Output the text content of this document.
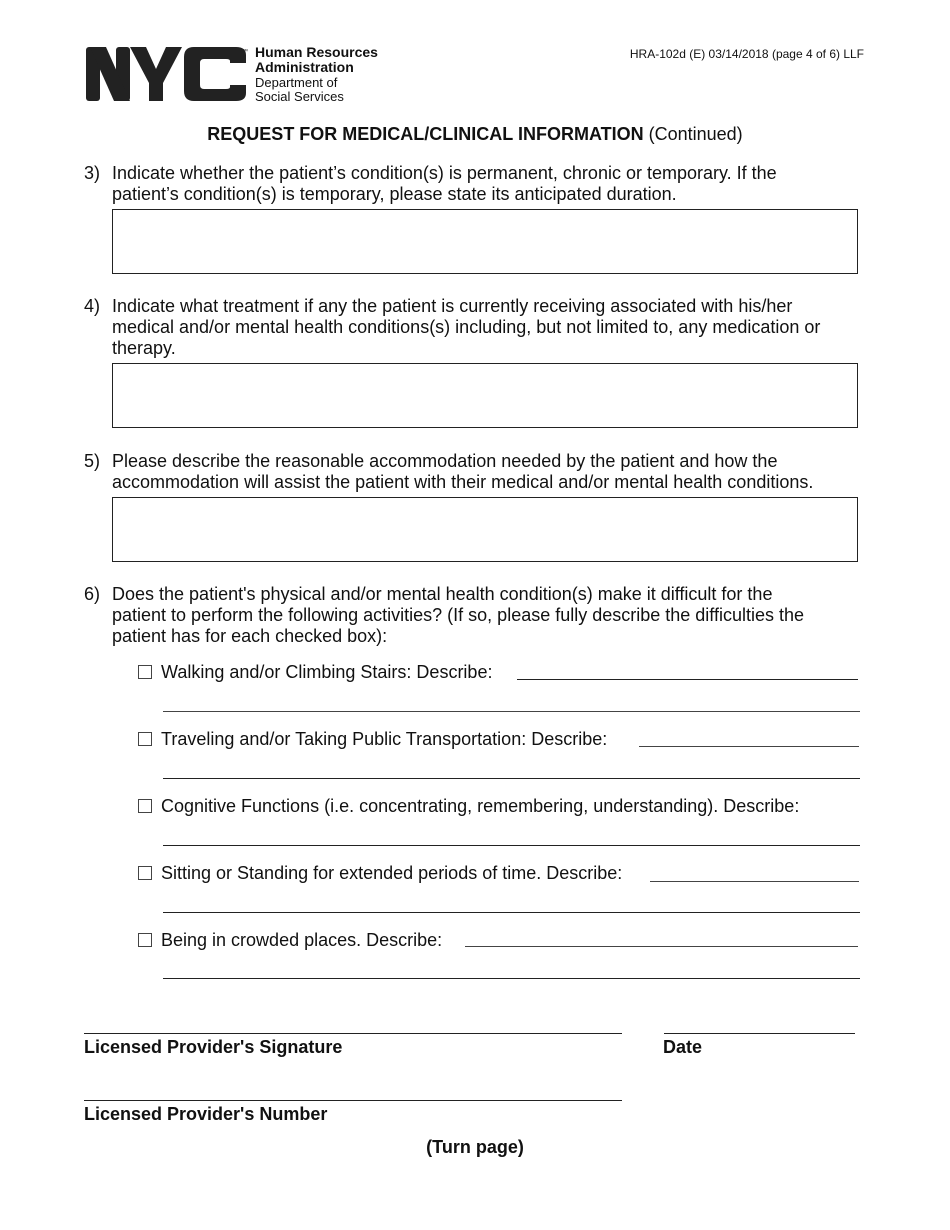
™ Human Resources
Administration
Department of
Social Services
HRA-102d (E) 03/14/2018 (page 4 of 6) LLF
REQUEST FOR MEDICAL/CLINICAL INFORMATION (Continued)
3) Indicate whether the patient’s condition(s) is permanent, chronic or temporary. If the
patient’s condition(s) is temporary, please state its anticipated duration.
4) Indicate what treatment if any the patient is currently receiving associated with his/her
medical and/or mental health conditions(s) including, but not limited to, any medication or
therapy.
5) Please describe the reasonable accommodation needed by the patient and how the
accommodation will assist the patient with their medical and/or mental health conditions.
6) Does the patient's physical and/or mental health condition(s) make it difficult for the
patient to perform the following activities? (If so, please fully describe the difficulties the
patient has for each checked box):
Walking and/or Climbing Stairs: Describe:
Traveling and/or Taking Public Transportation: Describe:
Cognitive Functions (i.e. concentrating, remembering, understanding). Describe:
Sitting or Standing for extended periods of time. Describe:
Being in crowded places. Describe:
Licensed Provider's Signature	Date
Licensed Provider's Number
(Turn page)
